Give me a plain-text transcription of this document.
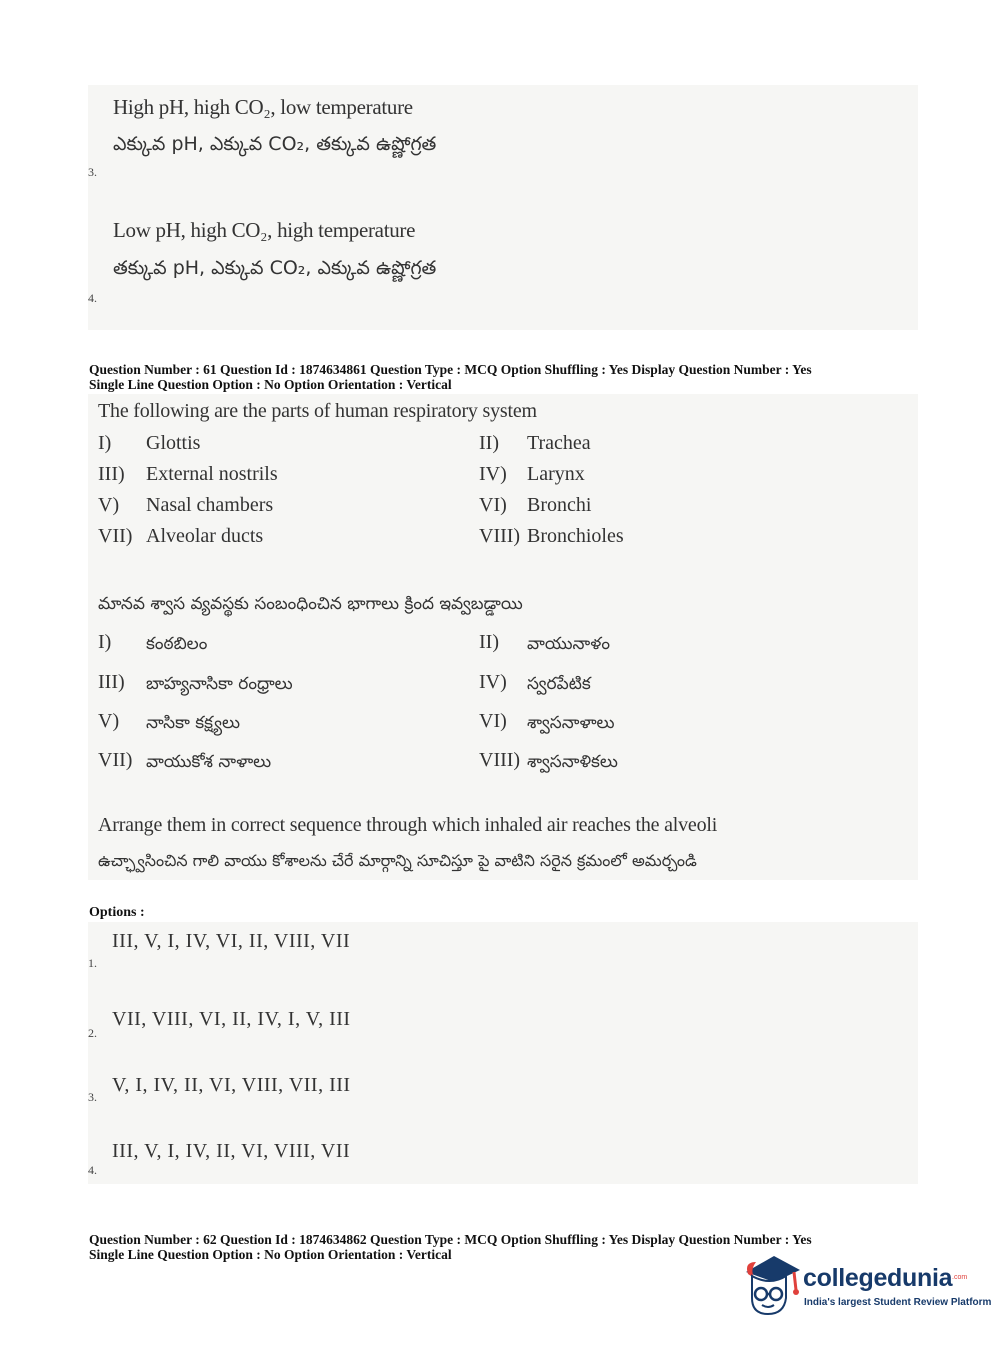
High pH, high CO₂, low temperature
ఎక్కువ pH, ఎక్కువ CO₂, తక్కువ ఉష్ణోగ్రత
3.
Low pH, high CO₂, high temperature
తక్కువ pH, ఎక్కువ CO₂, ఎక్కువ ఉష్ణోగ్రత
4.
Question Number : 61 Question Id : 1874634861 Question Type : MCQ Option Shuffling : Yes Display Question Number : Yes
Single Line Question Option : No Option Orientation : Vertical
The following are the parts of human respiratory system
I) Glottis	II) Trachea
III) External nostrils	IV) Larynx
V) Nasal chambers	VI) Bronchi
VII) Alveolar ducts	VIII) Bronchioles
మానవ శ్వాస వ్యవస్థకు సంబంధించిన భాగాలు క్రింద ఇవ్వబడ్డాయి
I) కంఠబిలం	II) వాయునాళం
III) బాహ్యనాసికా రంధ్రాలు	IV) స్వరపేటిక
V) నాసికా కక్ష్యలు	VI) శ్వాసనాళాలు
VII) వాయుకోశ నాళాలు	VIII) శ్వాసనాళికలు
Arrange them in correct sequence through which inhaled air reaches the alveoli
ఉచ్ఛ్వాసించిన గాలి వాయు కోశాలను చేరే మార్గాన్ని సూచిస్తూ పై వాటిని సరైన క్రమంలో అమర్చండి
Options :
III, V, I, IV, VI, II, VIII, VII
1.
VII, VIII, VI, II, IV, I, V, III
2.
V, I, IV, II, VI, VIII, VII, III
3.
III, V, I, IV, II, VI, VIII, VII
4.
Question Number : 62 Question Id : 1874634862 Question Type : MCQ Option Shuffling : Yes Display Question Number : Yes
Single Line Question Option : No Option Orientation : Vertical
collegedunia .com
India's largest Student Review Platform
